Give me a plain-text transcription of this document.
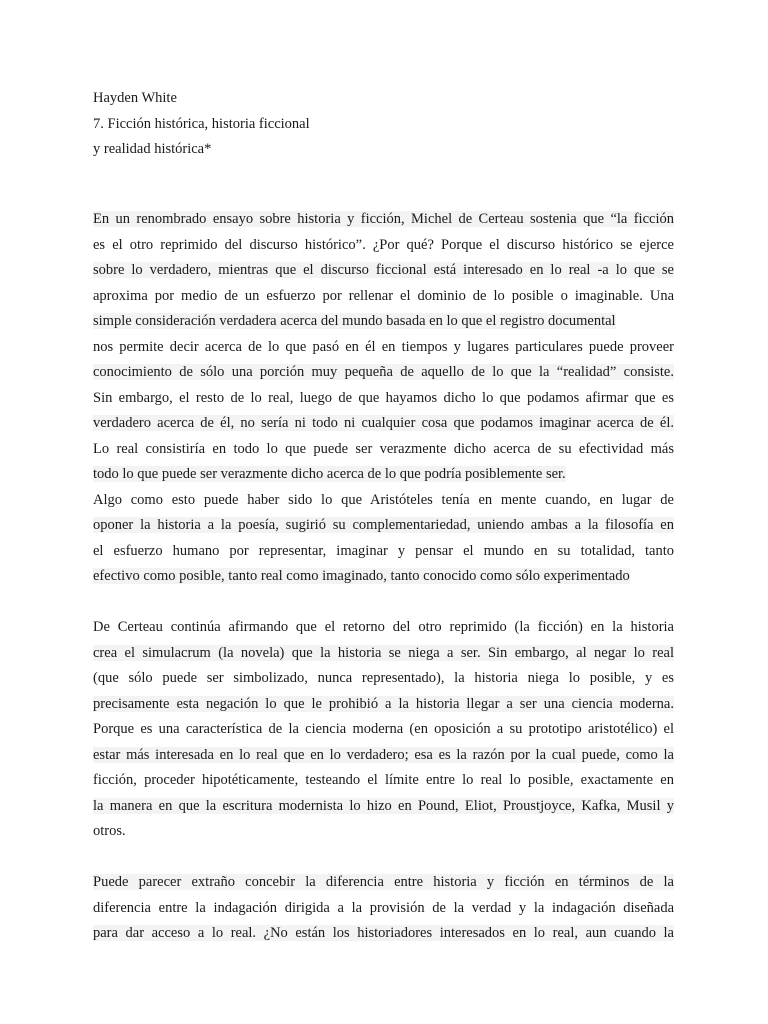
Hayden White
7. Ficción histórica, historia ficcional
y realidad histórica*
En un renombrado ensayo sobre historia y ficción, Michel de Certeau sostenia que “la ficción
es el otro reprimido del discurso histórico”. ¿Por qué? Porque el discurso histórico se ejerce
sobre lo verdadero, mientras que el discurso ficcional está interesado en lo real -a lo que se
aproxima por medio de un esfuerzo por rellenar el dominio de lo posible o imaginable. Una
simple consideración verdadera acerca del mundo basada en lo que el registro documental
nos permite decir acerca de lo que pasó en él en tiempos y lugares particulares puede proveer
conocimiento de sólo una porción muy pequeña de aquello de lo que la “realidad” consiste.
Sin embargo, el resto de lo real, luego de que hayamos dicho lo que podamos afirmar que es
verdadero acerca de él, no sería ni todo ni cualquier cosa que podamos imaginar acerca de él.
Lo real consistiría en todo lo que puede ser verazmente dicho acerca de su efectividad más
todo lo que puede ser verazmente dicho acerca de lo que podría posiblemente ser.
Algo como esto puede haber sido lo que Aristóteles tenía en mente cuando, en lugar de
oponer la historia a la poesía, sugirió su complementariedad, uniendo ambas a la filosofía en
el esfuerzo humano por representar, imaginar y pensar el mundo en su totalidad, tanto
efectivo como posible, tanto real como imaginado, tanto conocido como sólo experimentado
De Certeau continúa afirmando que el retorno del otro reprimido (la ficción) en la historia
crea el simulacrum (la novela) que la historia se niega a ser. Sin embargo, al negar lo real
(que sólo puede ser simbolizado, nunca representado), la historia niega lo posible, y es
precisamente esta negación lo que le prohibió a la historia llegar a ser una ciencia moderna.
Porque es una característica de la ciencia moderna (en oposición a su prototipo aristotélico) el
estar más interesada en lo real que en lo verdadero; esa es la razón por la cual puede, como la
ficción, proceder hipotéticamente, testeando el límite entre lo real lo posible, exactamente en
la manera en que la escritura modernista lo hizo en Pound, Eliot, Proustjoyce, Kafka, Musil y
otros.
Puede parecer extraño concebir la diferencia entre historia y ficción en términos de la
diferencia entre la indagación dirigida a la provisión de la verdad y la indagación diseñada
para dar acceso a lo real. ¿No están los historiadores interesados en lo real, aun cuando la
